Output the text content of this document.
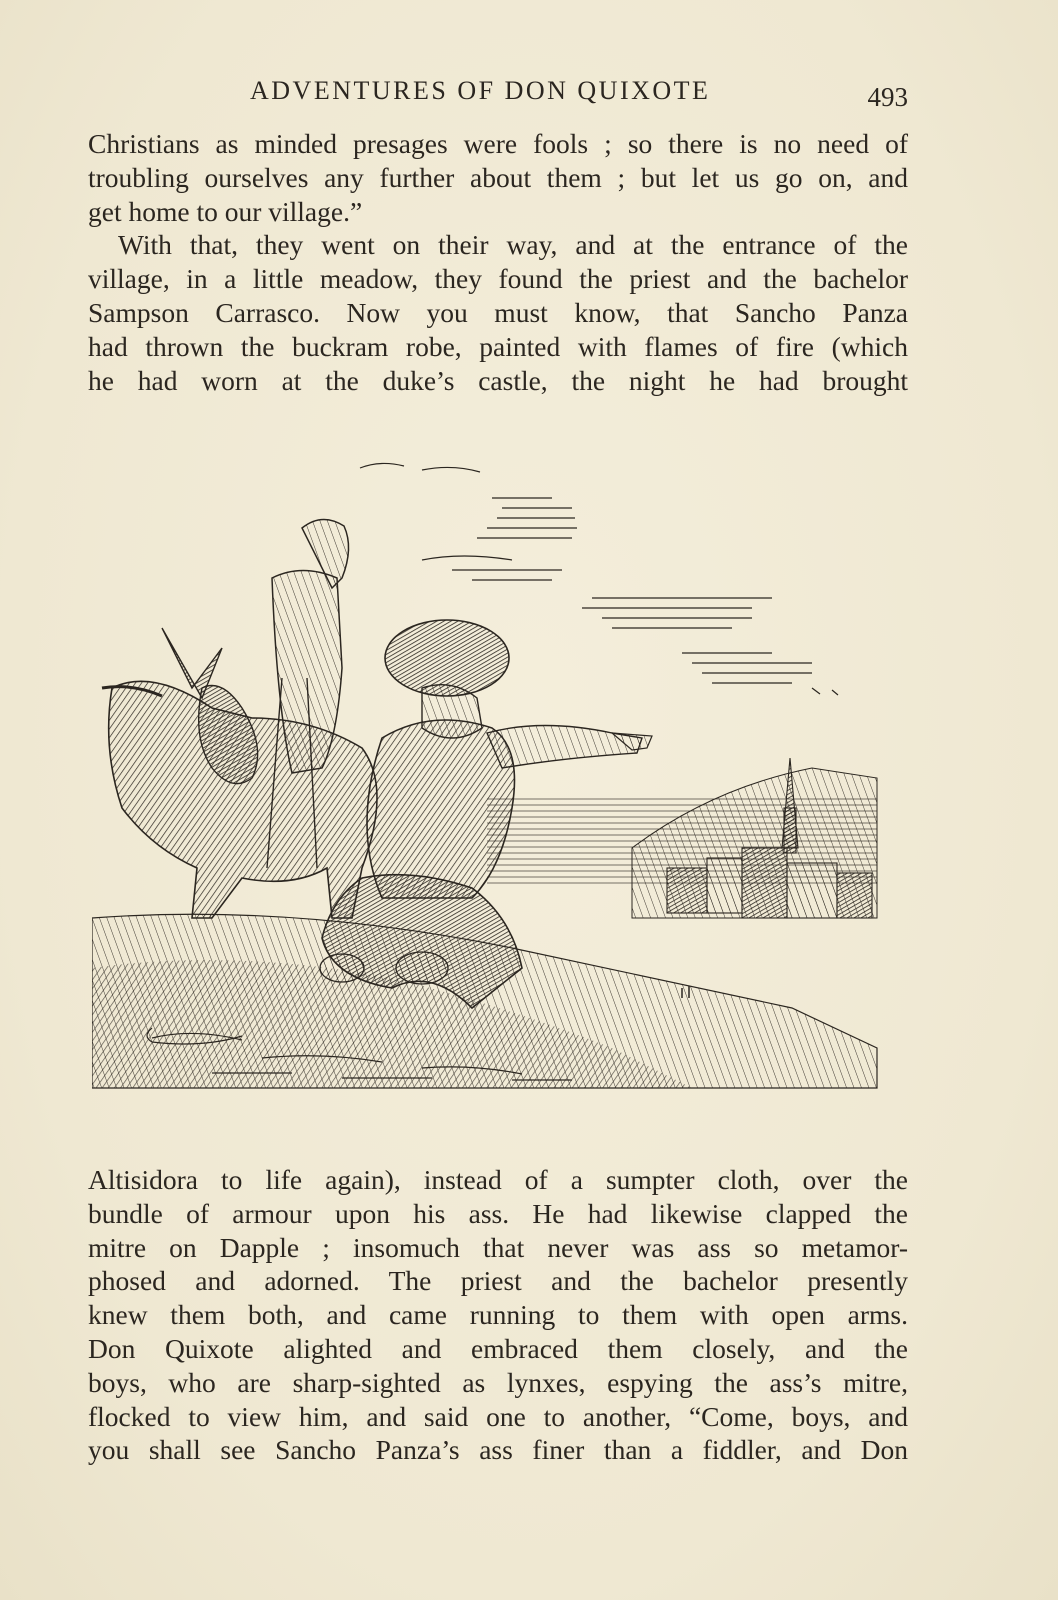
ADVENTURES OF DON QUIXOTE	493
Christians as minded presages were fools ; so there is no need of
troubling ourselves any further about them ; but let us go on, and
get home to our village.”
With that, they went on their way, and at the entrance of the
village, in a little meadow, they found the priest and the bachelor
Sampson Carrasco. Now you must know, that Sancho Panza
had thrown the buckram robe, painted with flames of fire (which
he had worn at the duke’s castle, the night he had brought
Altisidora to life again), instead of a sumpter cloth, over the
bundle of armour upon his ass. He had likewise clapped the
mitre on Dapple ; insomuch that never was ass so metamor-
phosed and adorned. The priest and the bachelor presently
knew them both, and came running to them with open arms.
Don Quixote alighted and embraced them closely, and the
boys, who are sharp-sighted as lynxes, espying the ass’s mitre,
flocked to view him, and said one to another, “Come, boys, and
you shall see Sancho Panza’s ass finer than a fiddler, and Don
